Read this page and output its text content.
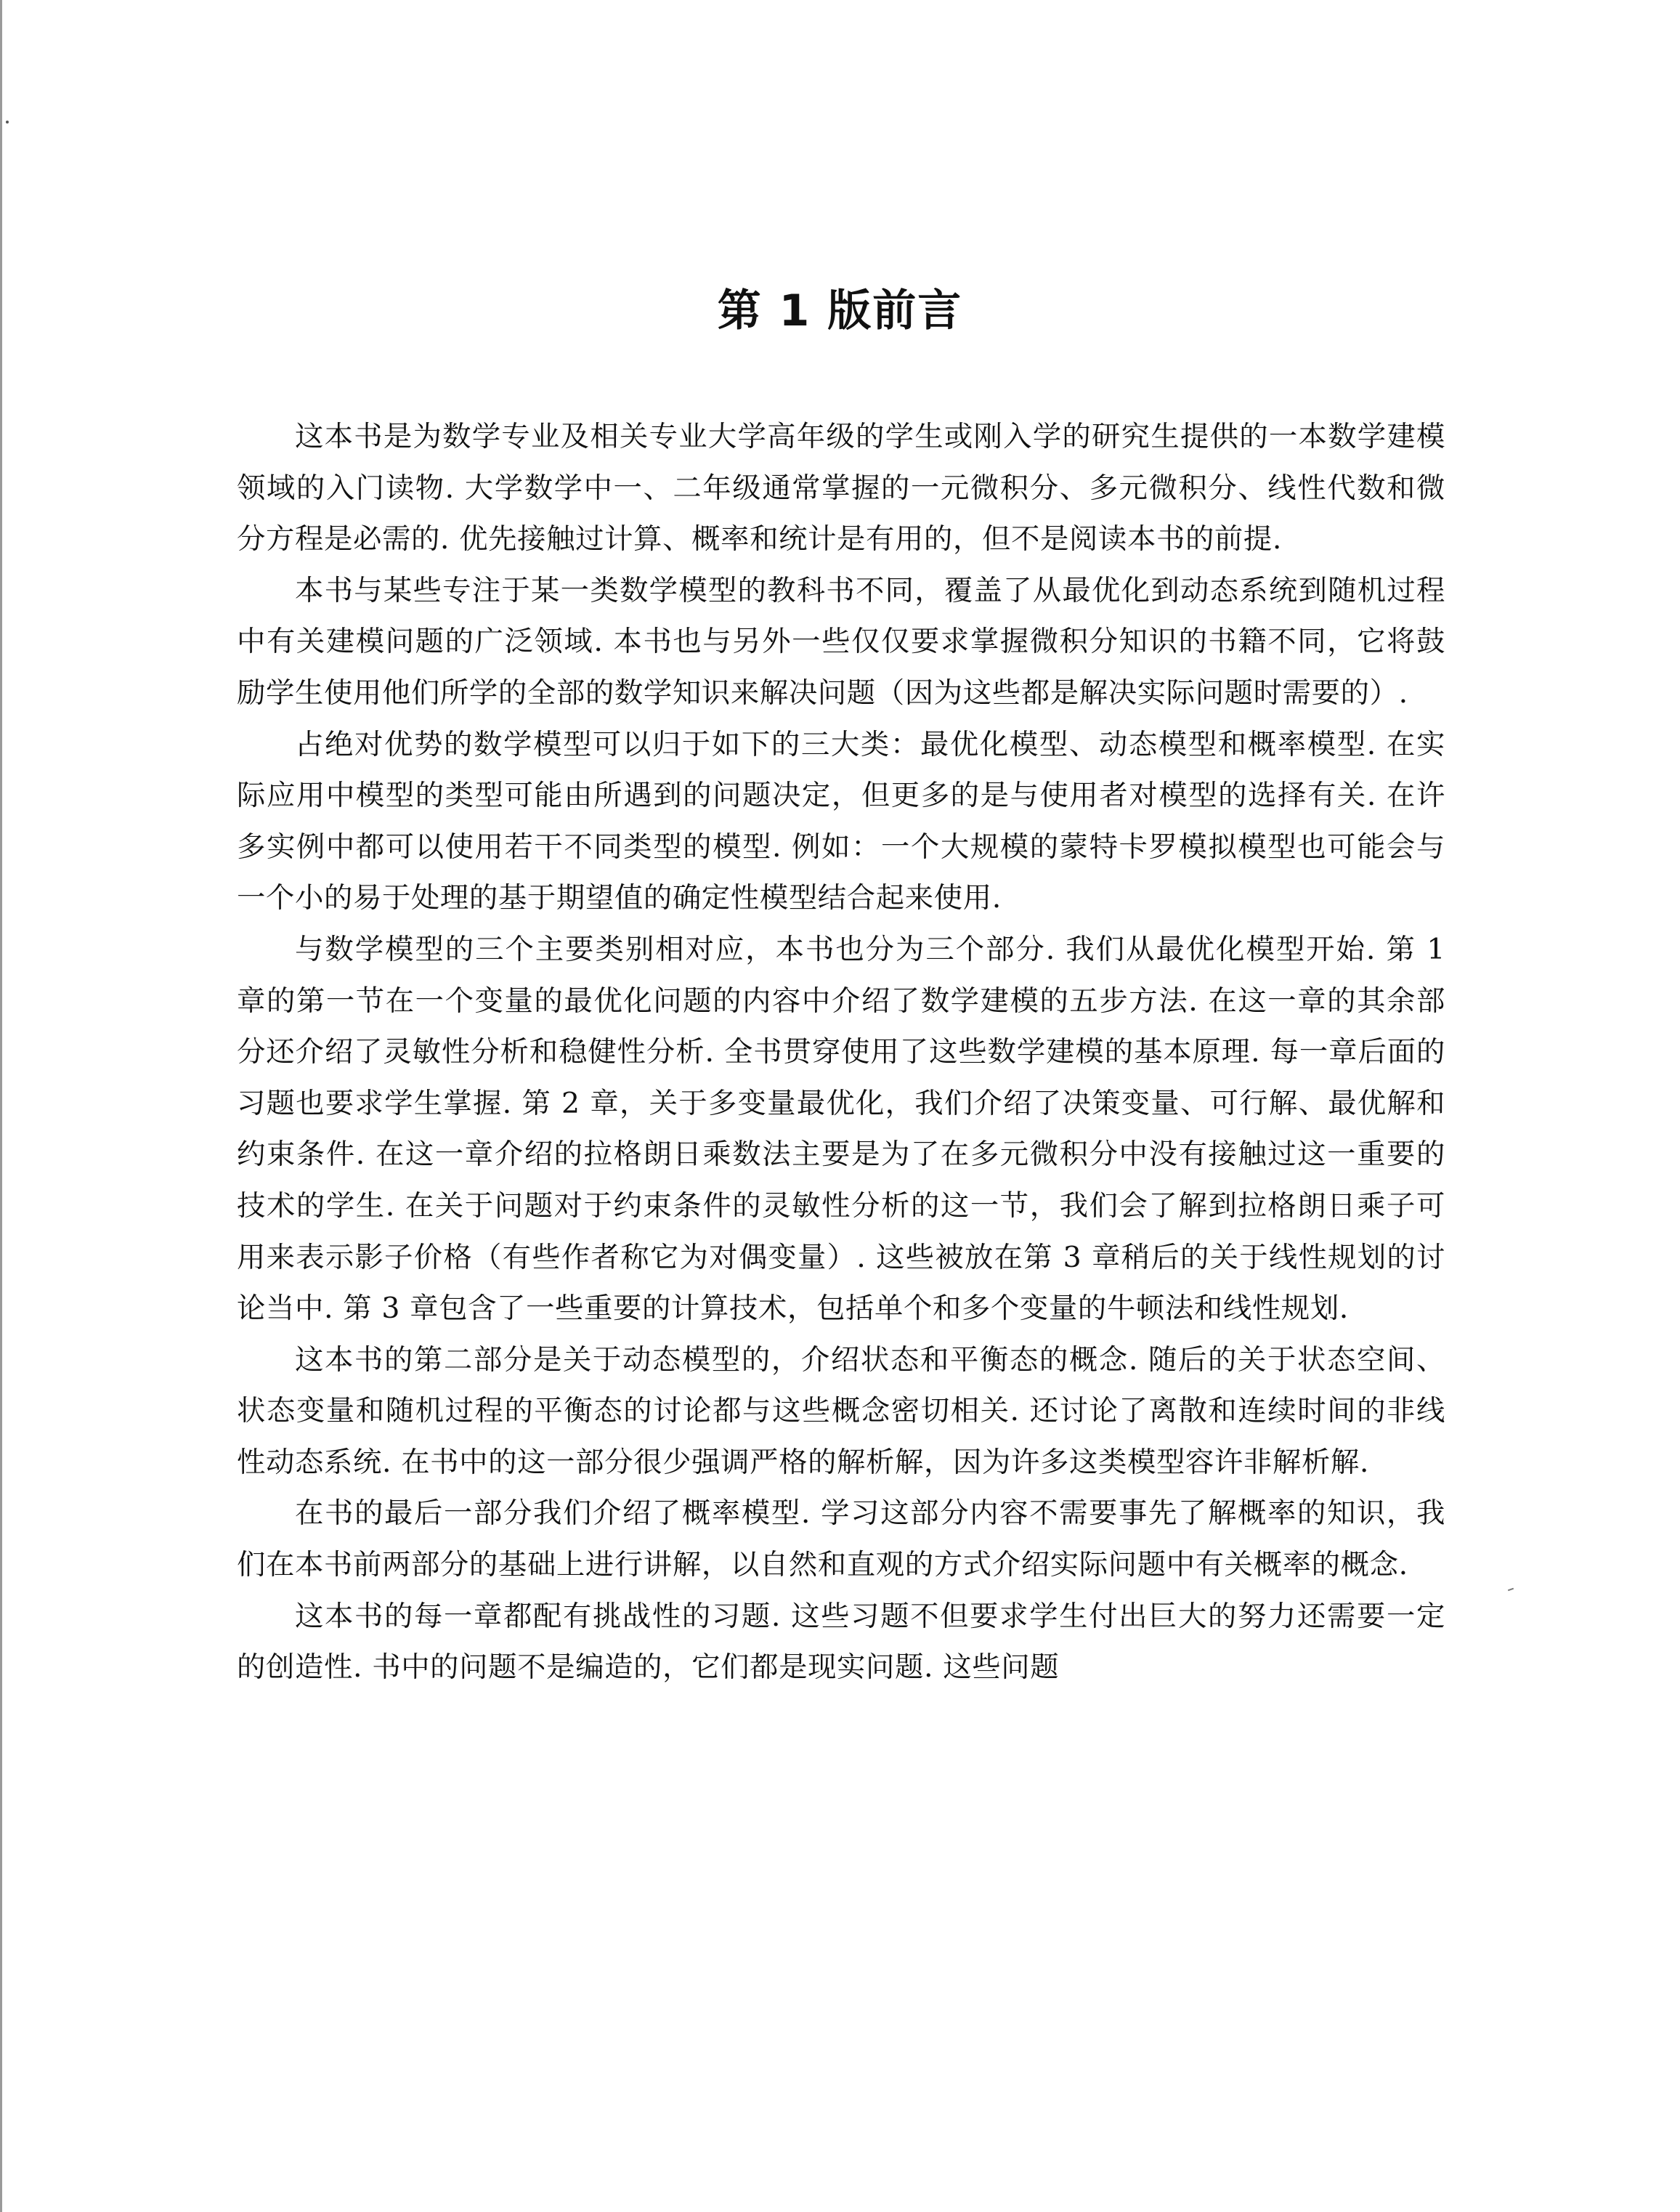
第 1 版前言

这本书是为数学专业及相关专业大学高年级的学生或刚入学的研究生提供的一本数学建模领域的入门读物. 大学数学中一、二年级通常掌握的一元微积分、多元微积分、线性代数和微分方程是必需的. 优先接触过计算、概率和统计是有用的，但不是阅读本书的前提.

本书与某些专注于某一类数学模型的教科书不同，覆盖了从最优化到动态系统到随机过程中有关建模问题的广泛领域. 本书也与另外一些仅仅要求掌握微积分知识的书籍不同，它将鼓励学生使用他们所学的全部的数学知识来解决问题（因为这些都是解决实际问题时需要的）.

占绝对优势的数学模型可以归于如下的三大类：最优化模型、动态模型和概率模型. 在实际应用中模型的类型可能由所遇到的问题决定，但更多的是与使用者对模型的选择有关. 在许多实例中都可以使用若干不同类型的模型. 例如：一个大规模的蒙特卡罗模拟模型也可能会与一个小的易于处理的基于期望值的确定性模型结合起来使用.

与数学模型的三个主要类别相对应，本书也分为三个部分. 我们从最优化模型开始. 第 1 章的第一节在一个变量的最优化问题的内容中介绍了数学建模的五步方法. 在这一章的其余部分还介绍了灵敏性分析和稳健性分析. 全书贯穿使用了这些数学建模的基本原理. 每一章后面的习题也要求学生掌握. 第 2 章，关于多变量最优化，我们介绍了决策变量、可行解、最优解和约束条件. 在这一章介绍的拉格朗日乘数法主要是为了在多元微积分中没有接触过这一重要的技术的学生. 在关于问题对于约束条件的灵敏性分析的这一节，我们会了解到拉格朗日乘子可用来表示影子价格（有些作者称它为对偶变量）. 这些被放在第 3 章稍后的关于线性规划的讨论当中. 第 3 章包含了一些重要的计算技术，包括单个和多个变量的牛顿法和线性规划.

这本书的第二部分是关于动态模型的，介绍状态和平衡态的概念. 随后的关于状态空间、状态变量和随机过程的平衡态的讨论都与这些概念密切相关. 还讨论了离散和连续时间的非线性动态系统. 在书中的这一部分很少强调严格的解析解，因为许多这类模型容许非解析解.

在书的最后一部分我们介绍了概率模型. 学习这部分内容不需要事先了解概率的知识，我们在本书前两部分的基础上进行讲解，以自然和直观的方式介绍实际问题中有关概率的概念.

这本书的每一章都配有挑战性的习题. 这些习题不但要求学生付出巨大的努力还需要一定的创造性. 书中的问题不是编造的，它们都是现实问题. 这些问题
